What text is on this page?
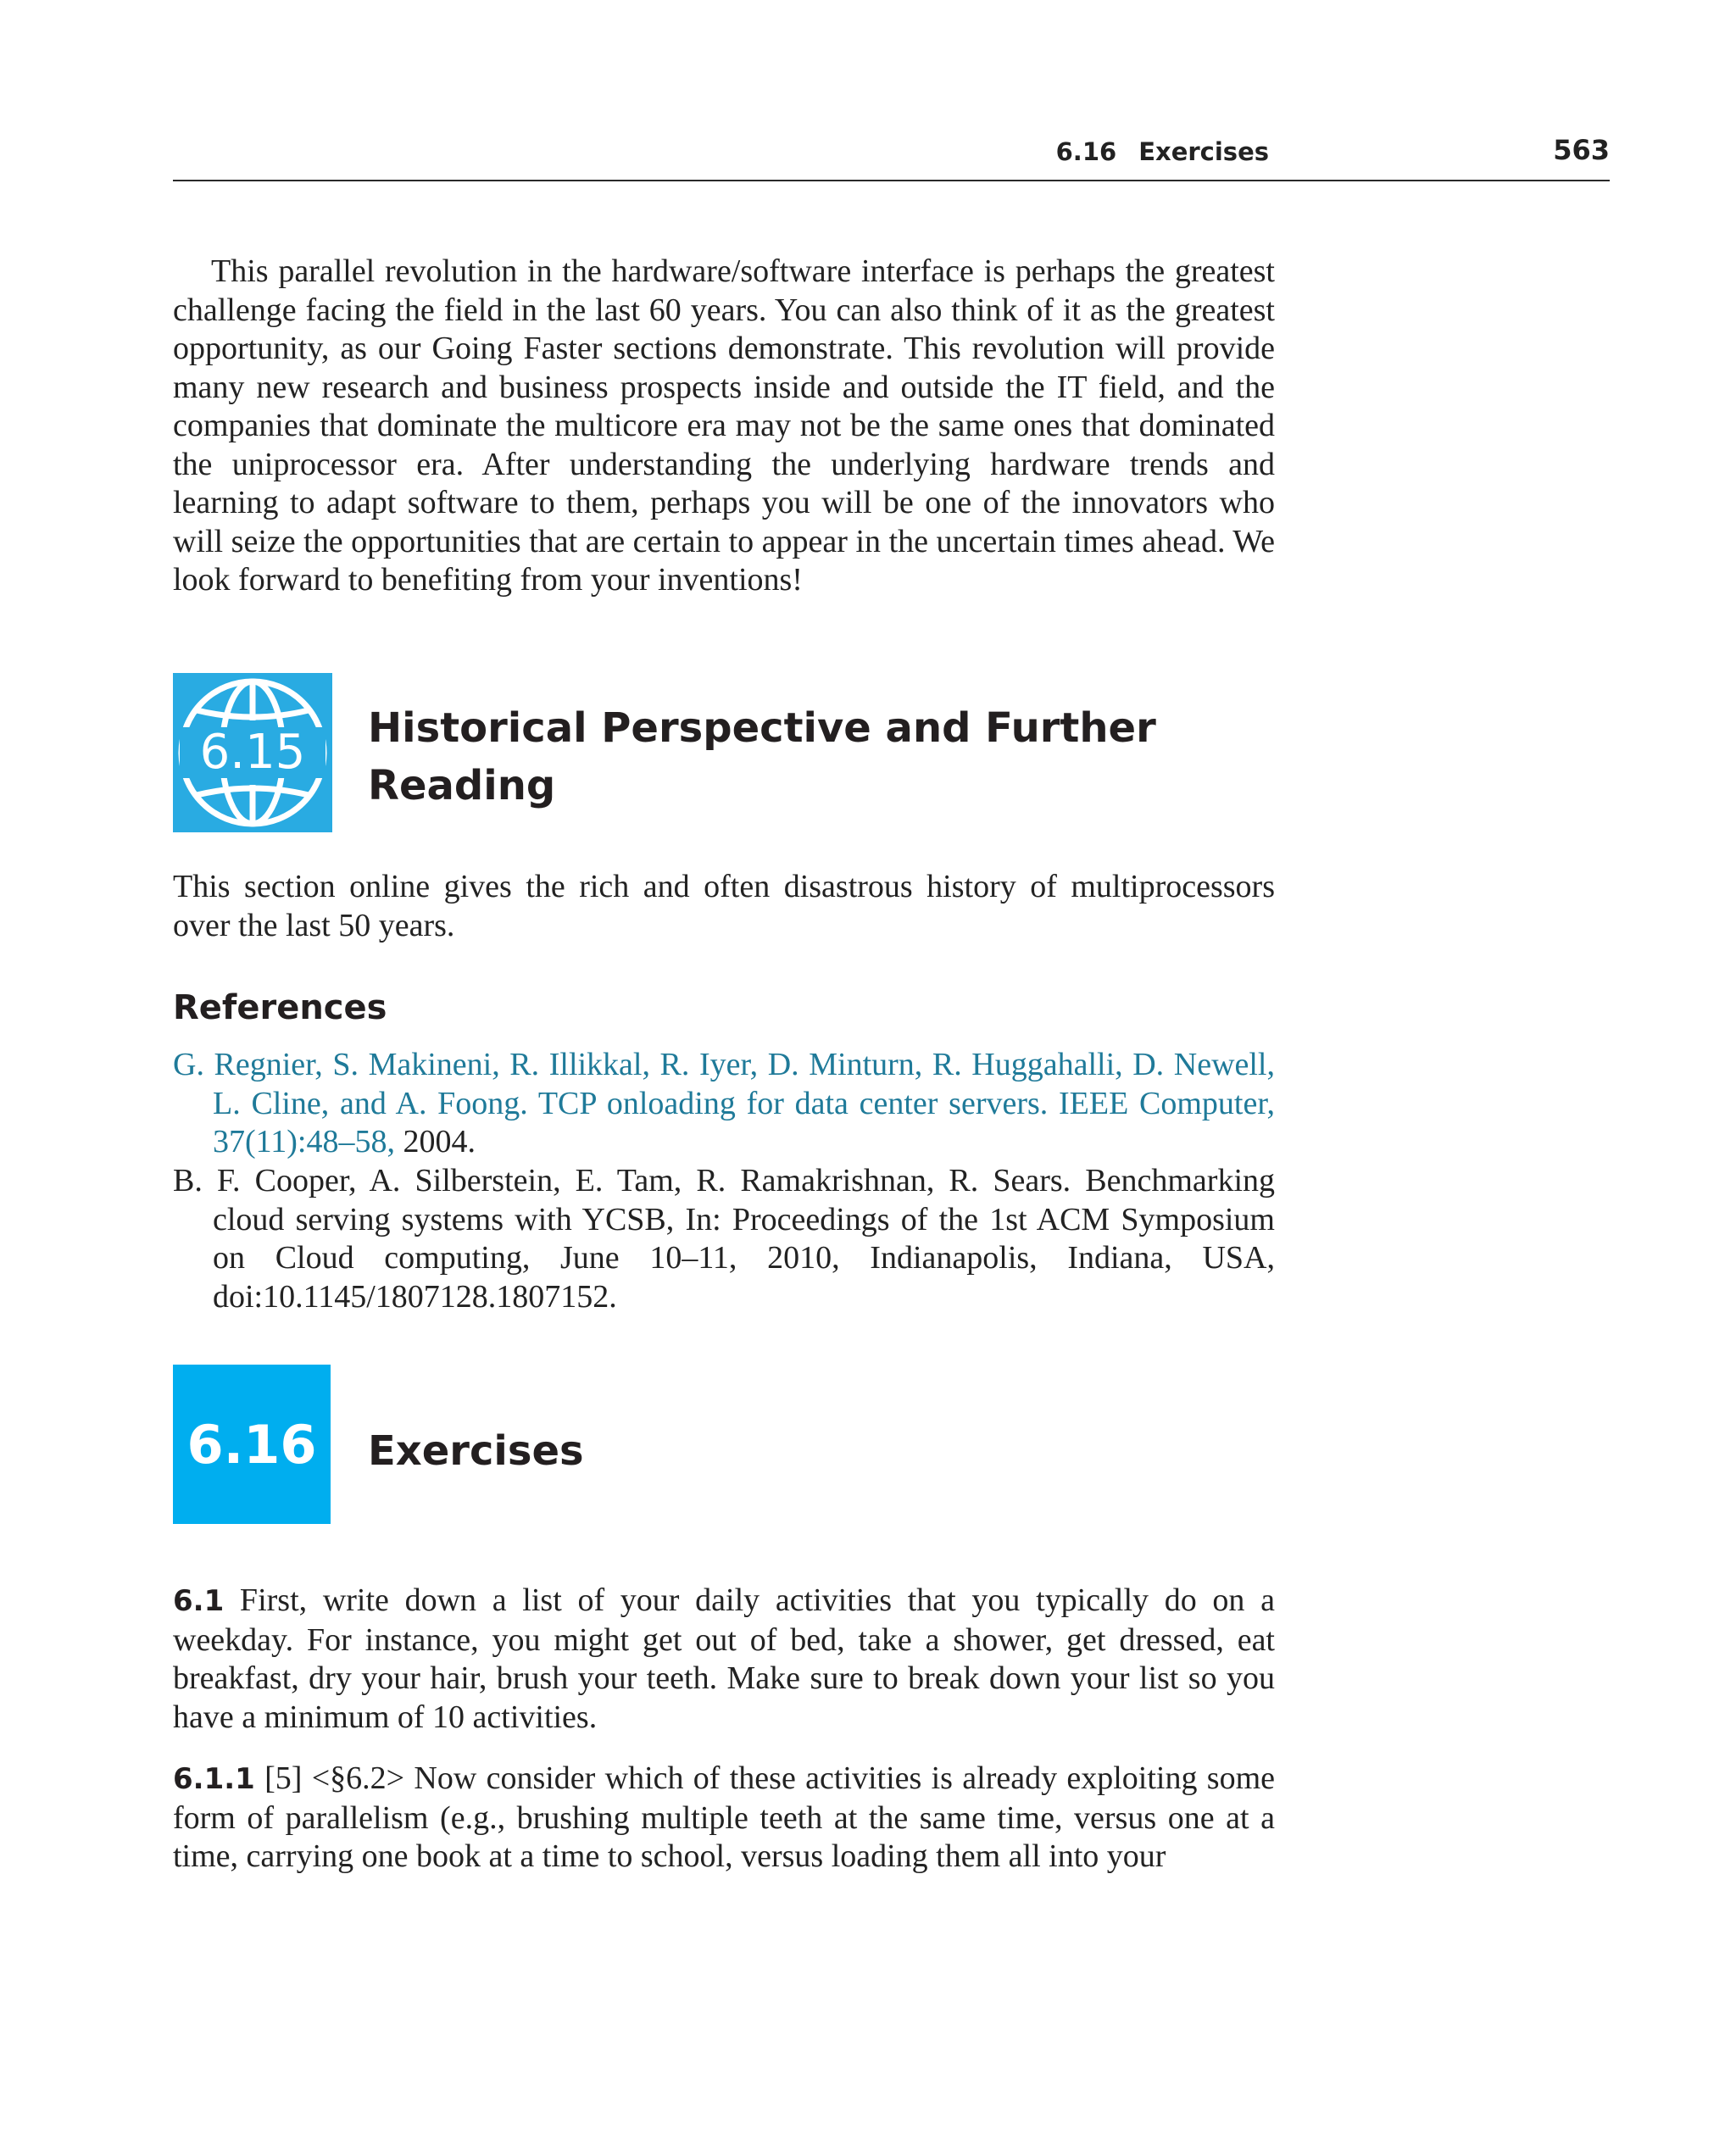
6.16 Exercises	563

This parallel revolution in the hardware/software interface is perhaps the greatest challenge facing the field in the last 60 years. You can also think of it as the greatest opportunity, as our Going Faster sections demonstrate. This revolution will provide many new research and business prospects inside and outside the IT field, and the companies that dominate the multicore era may not be the same ones that dominated the uniprocessor era. After understanding the underlying hardware trends and learning to adapt software to them, perhaps you will be one of the innovators who will seize the opportunities that are certain to appear in the uncertain times ahead. We look forward to benefiting from your inventions!

6.15 Historical Perspective and Further
Reading

This section online gives the rich and often disastrous history of multiprocessors over the last 50 years.

References

G. Regnier, S. Makineni, R. Illikkal, R. Iyer, D. Minturn, R. Huggahalli, D. Newell, L. Cline, and A. Foong. TCP onloading for data center servers. IEEE Computer, 37(11):48–58, 2004.

B. F. Cooper, A. Silberstein, E. Tam, R. Ramakrishnan, R. Sears. Benchmarking cloud serving systems with YCSB, In: Proceedings of the 1st ACM Symposium on Cloud computing, June 10–11, 2010, Indianapolis, Indiana, USA, doi:10.1145/1807128.1807152.

6.16	Exercises

6.1 First, write down a list of your daily activities that you typically do on a weekday. For instance, you might get out of bed, take a shower, get dressed, eat breakfast, dry your hair, brush your teeth. Make sure to break down your list so you have a minimum of 10 activities.

6.1.1 [5] <§6.2> Now consider which of these activities is already exploiting some form of parallelism (e.g., brushing multiple teeth at the same time, versus one at a time, carrying one book at a time to school, versus loading them all into your
